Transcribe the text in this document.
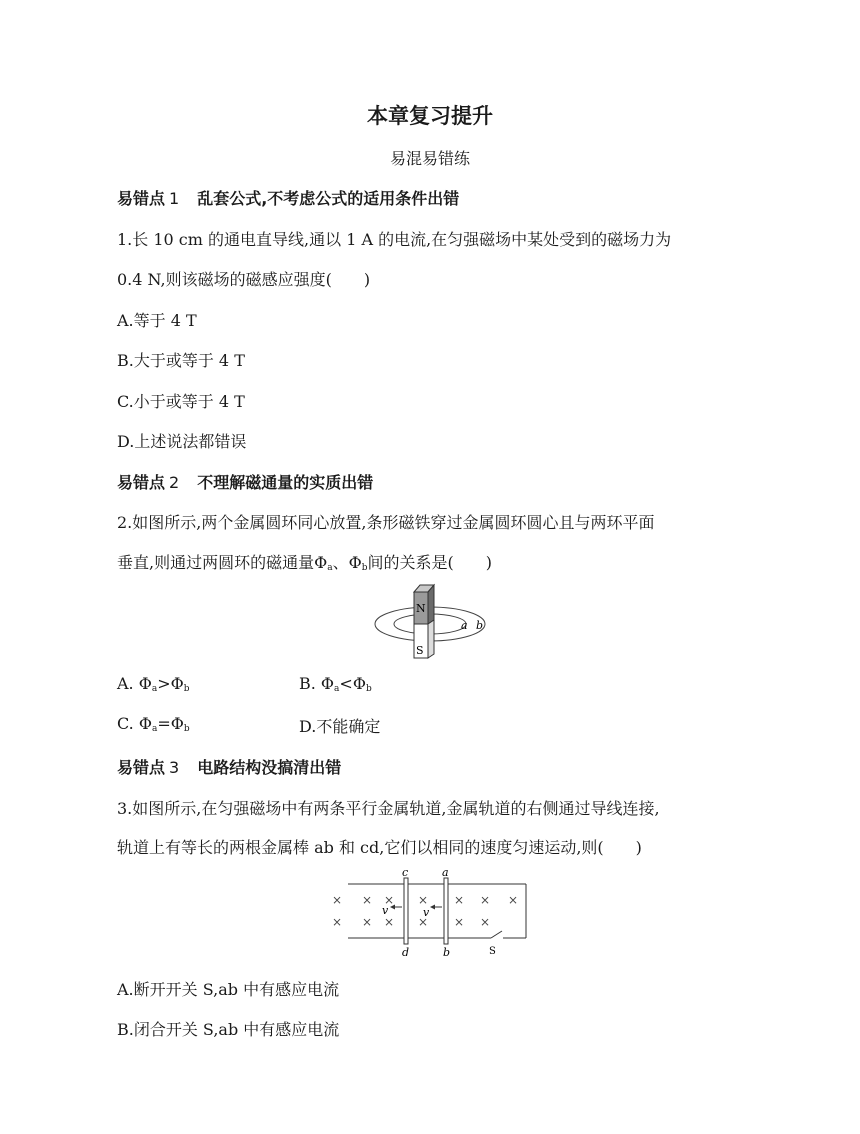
本章复习提升
易混易错练
易错点 1 乱套公式,不考虑公式的适用条件出错
1.长 10 cm 的通电直导线,通以 1 A 的电流,在匀强磁场中某处受到的磁场力为
0.4 N,则该磁场的磁感应强度(　　)
A.等于 4 T
B.大于或等于 4 T
C.小于或等于 4 T
D.上述说法都错误
易错点 2 不理解磁通量的实质出错
2.如图所示,两个金属圆环同心放置,条形磁铁穿过金属圆环圆心且与两环平面
垂直,则通过两圆环的磁通量$\Phi_a$、$\Phi_b$间的关系是(　　)
N
S
a b
A. $\Phi_a>\Phi_b$	B. $\Phi_a<\Phi_b$
C. $\Phi_a=\Phi_b$	D.不能确定
易错点 3 电路结构没搞清出错
3.如图所示,在匀强磁场中有两条平行金属轨道,金属轨道的右侧通过导线连接,
轨道上有等长的两根金属棒 ab 和 cd,它们以相同的速度匀速运动,则(　　)
× × × × × × ×
× × × × × ×
v	v
c	a
d	b	S
A.断开开关 S,ab 中有感应电流
B.闭合开关 S,ab 中有感应电流
